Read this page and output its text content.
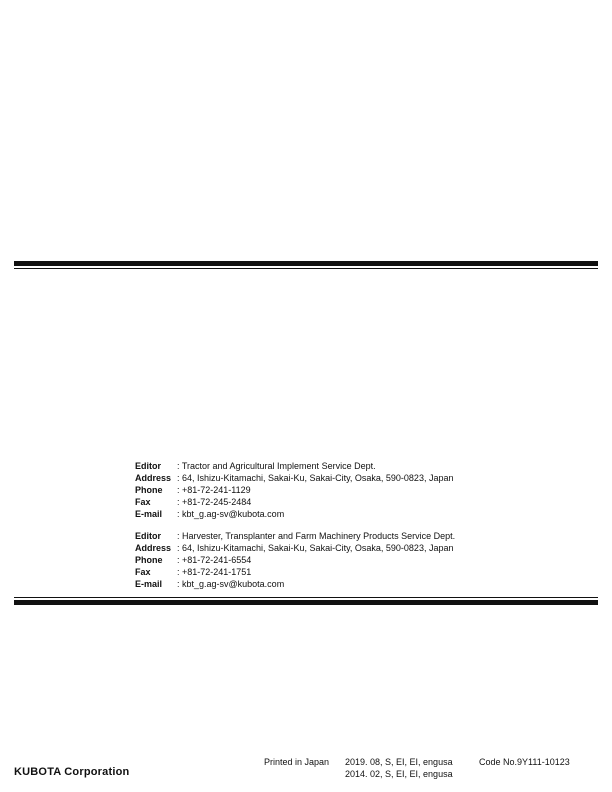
Editor	: Tractor and Agricultural Implement Service Dept.
Address : 64, Ishizu-Kitamachi, Sakai-Ku, Sakai-City, Osaka, 590-0823, Japan
Phone	: +81-72-241-1129
Fax	: +81-72-245-2484
E-mail	: kbt_g.ag-sv@kubota.com
Editor	: Harvester, Transplanter and Farm Machinery Products Service Dept.
Address : 64, Ishizu-Kitamachi, Sakai-Ku, Sakai-City, Osaka, 590-0823, Japan
Phone	: +81-72-241-6554
Fax	: +81-72-241-1751
E-mail	: kbt_g.ag-sv@kubota.com
KUBOTA Corporation
Printed in Japan 2019. 08, S, EI, EI, engusa
2014. 02, S, EI, EI, engusa
Code No.9Y111-10123
